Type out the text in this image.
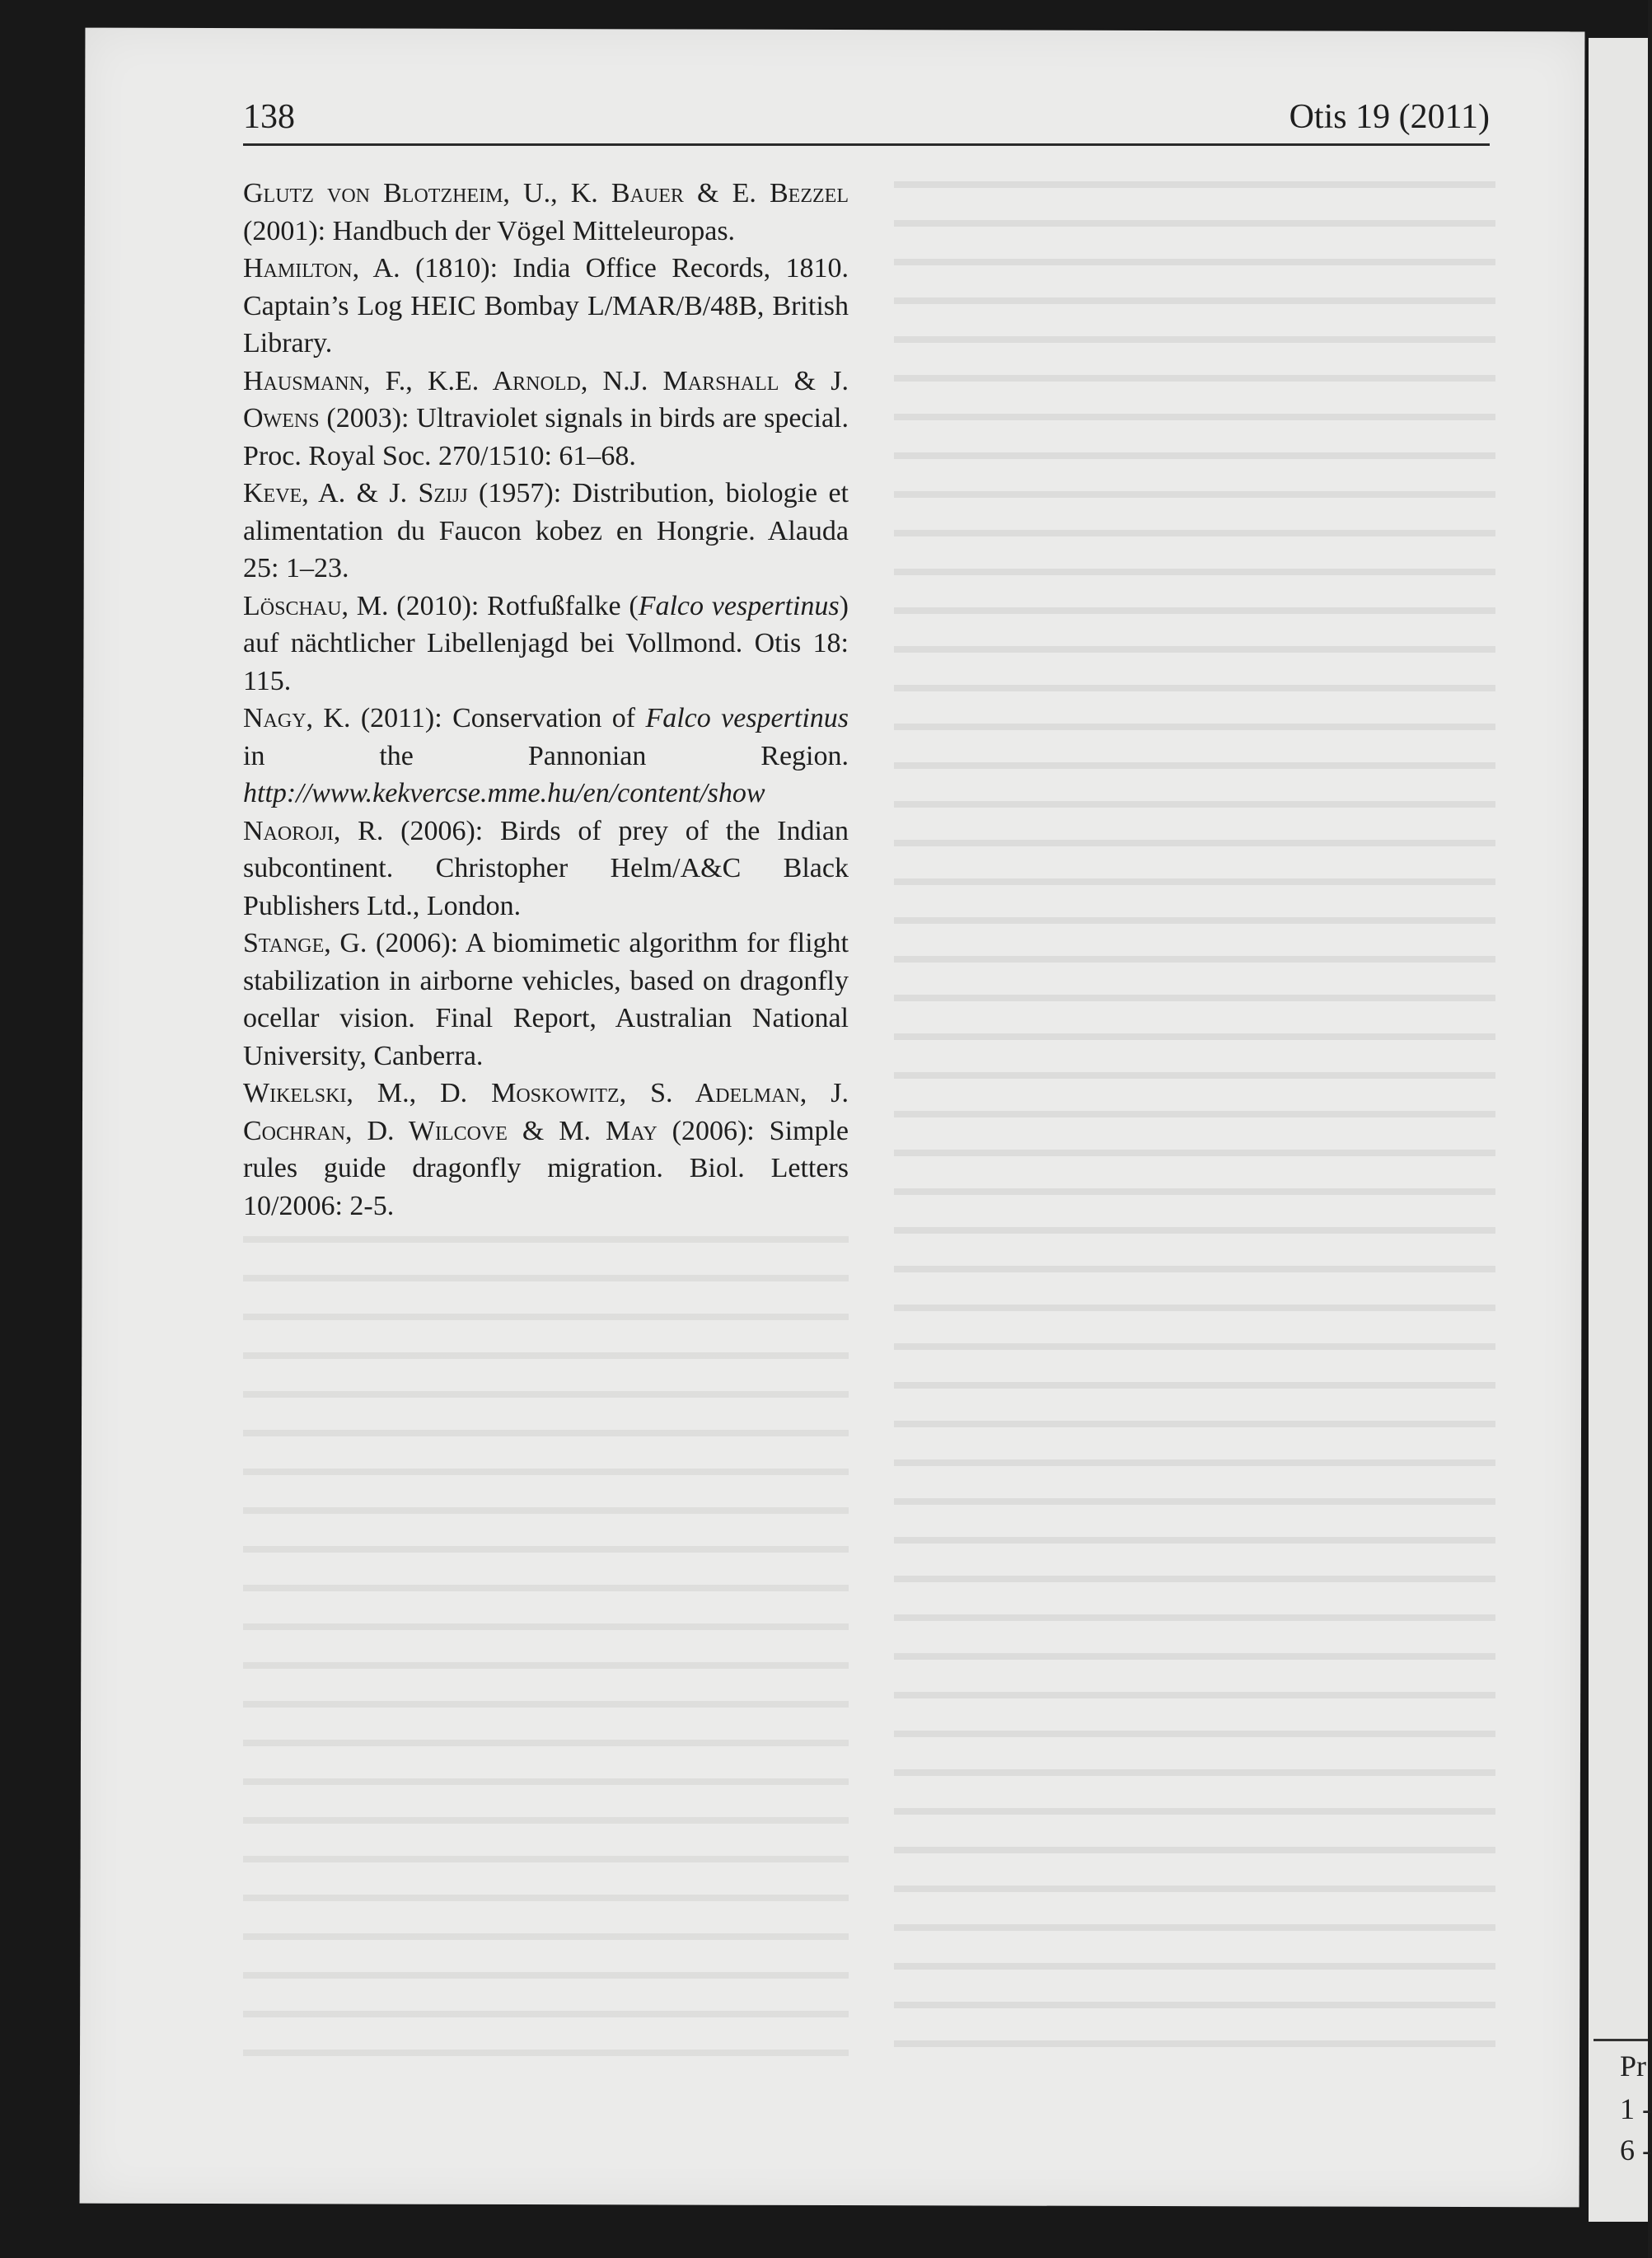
Pr
1 -
6 -
138	Otis 19 (2011)

Glutz von Blotzheim, U., K. Bauer & E. Bezzel (2001): Handbuch der Vögel Mitteleuropas.

Hamilton, A. (1810): India Office Records, 1810. Captain’s Log HEIC Bombay L/MAR/B/48B, British Library.

Hausmann, F., K.E. Arnold, N.J. Marshall & J. Owens (2003): Ultraviolet signals in birds are special. Proc. Royal Soc. 270/1510: 61–68.

Keve, A. & J. Szijj (1957): Distribution, biologie et alimentation du Faucon kobez en Hongrie. Alauda 25: 1–23.

Löschau, M. (2010): Rotfußfalke (Falco vespertinus) auf nächtlicher Libellenjagd bei Vollmond. Otis 18: 115.

Nagy, K. (2011): Conservation of Falco vespertinus in the Pannonian Region. http://www.kekvercse.mme.hu/en/content/show

Naoroji, R. (2006): Birds of prey of the Indian subcontinent. Christopher Helm/A&C Black Publishers Ltd., London.

Stange, G. (2006): A biomimetic algorithm for flight stabilization in airborne vehicles, based on dragonfly ocellar vision. Final Report, Australian National University, Canberra.

Wikelski, M., D. Moskowitz, S. Adelman, J. Cochran, D. Wilcove & M. May (2006): Simple rules guide dragonfly migration. Biol. Letters 10/2006: 2-5.
